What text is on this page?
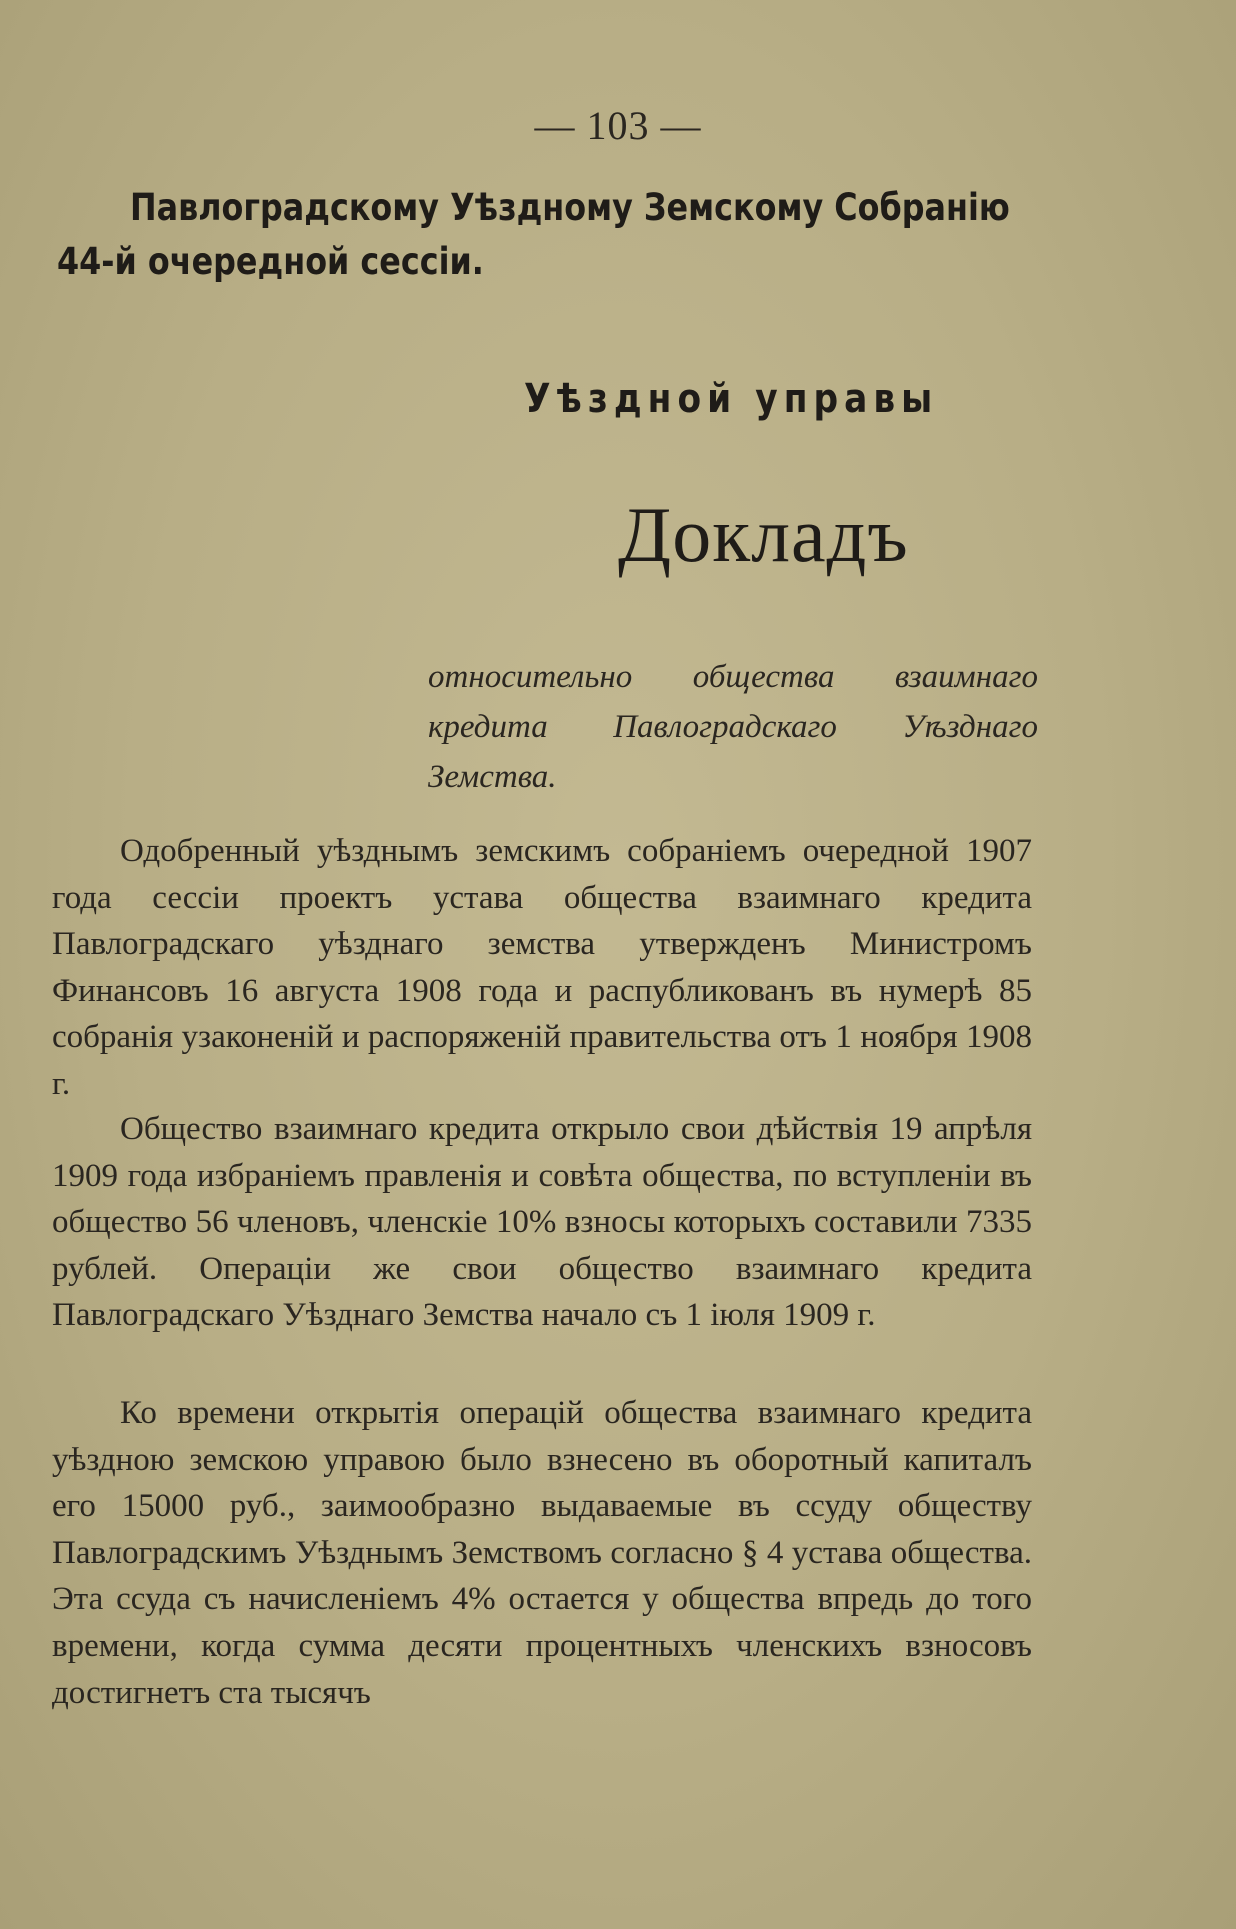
— 103 —
Павлоградскому Уѣздному Земскому Собранію
44-й очередной сессіи.
Уѣздной управы
Докладъ
относительно общества взаимнаго кредита Павлоградскаго Уѣзднаго Земства.
Одобренный уѣзднымъ земскимъ собраніемъ очередной 1907 года сессіи проектъ устава общества взаимнаго кредита Павлоградскаго уѣзднаго земства утвержденъ Министромъ Финансовъ 16 августа 1908 года и распубликованъ въ нумерѣ 85 собранія узаконеній и распоряженій правительства отъ 1 ноября 1908 г.
Общество взаимнаго кредита открыло свои дѣйствія 19 апрѣля 1909 года избраніемъ правленія и совѣта общества, по вступленіи въ общество 56 членовъ, членскіе 10% взносы которыхъ составили 7335 рублей. Операціи же свои общество взаимнаго кредита Павлоградскаго Уѣзднаго Земства начало съ 1 іюля 1909 г.
Ко времени открытія операцій общества взаимнаго кредита уѣздною земскою управою было взнесено въ оборотный капиталъ его 15000 руб., заимообразно выдаваемые въ ссуду обществу Павлоградскимъ Уѣзднымъ Земствомъ согласно § 4 устава общества. Эта ссуда съ начисленіемъ 4% остается у общества впредь до того времени, когда сумма десяти процентныхъ членскихъ взносовъ достигнетъ ста тысячъ
